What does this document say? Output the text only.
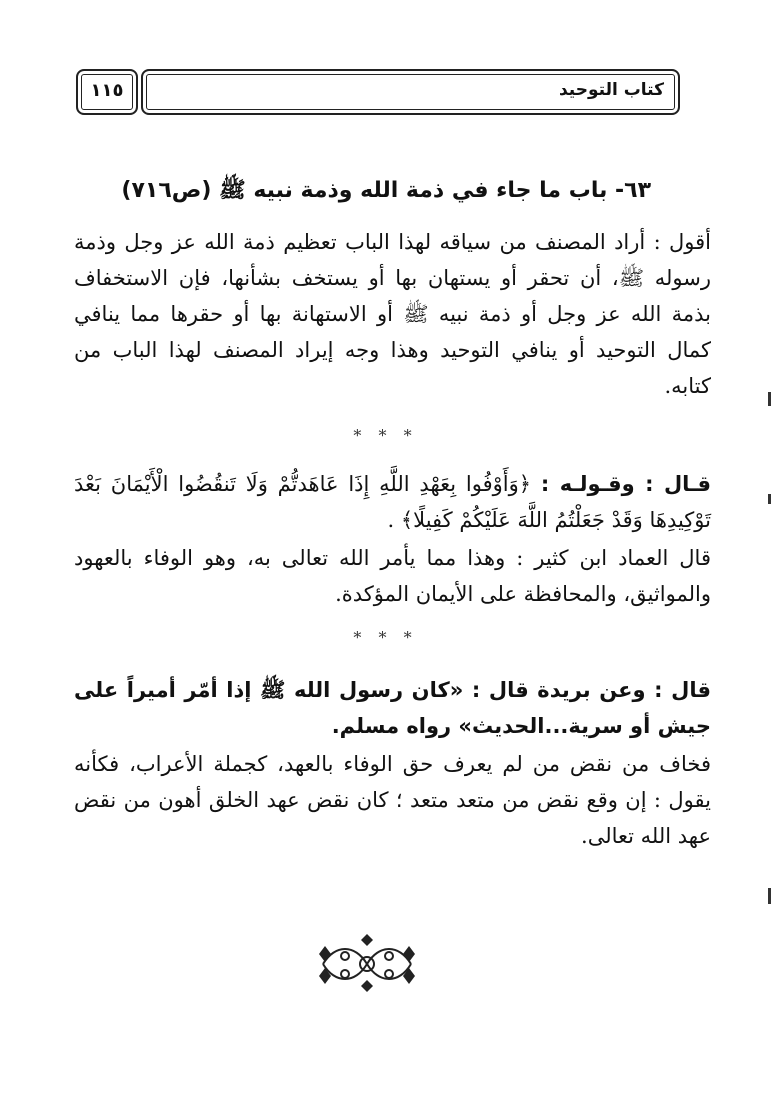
كتاب التوحيد
١١٥
٦٣- باب ما جاء في ذمة الله وذمة نبيه ﷺ (ص٧١٦)
أقول : أراد المصنف من سياقه لهذا الباب تعظيم ذمة الله عز وجل وذمة رسوله ﷺ، أن تحقر أو يستهان بها أو يستخف بشأنها، فإن الاستخفاف بذمة الله عز وجل أو ذمة نبيه ﷺ أو الاستهانة بها أو حقرها مما ينافي كمال التوحيد أو ينافي التوحيد وهذا وجه إيراد المصنف لهذا الباب من كتابه.
* * *
قـال : وقـولـه : ﴿وَأَوْفُوا بِعَهْدِ اللَّهِ إِذَا عَاهَدتُّمْ وَلَا تَنقُضُوا الْأَيْمَانَ بَعْدَ تَوْكِيدِهَا وَقَدْ جَعَلْتُمُ اللَّهَ عَلَيْكُمْ كَفِيلًا﴾ .
قال العماد ابن كثير : وهذا مما يأمر الله تعالى به، وهو الوفاء بالعهود والمواثيق، والمحافظة على الأيمان المؤكدة.
* * *
قال : وعن بريدة قال : «كان رسول الله ﷺ إذا أمّر أميراً على جيش أو سرية...الحديث» رواه مسلم.
فخاف من نقض من لم يعرف حق الوفاء بالعهد، كجملة الأعراب، فكأنه يقول : إن وقع نقض من متعد متعد ؛ كان نقض عهد الخلق أهون من نقض عهد الله تعالى.
